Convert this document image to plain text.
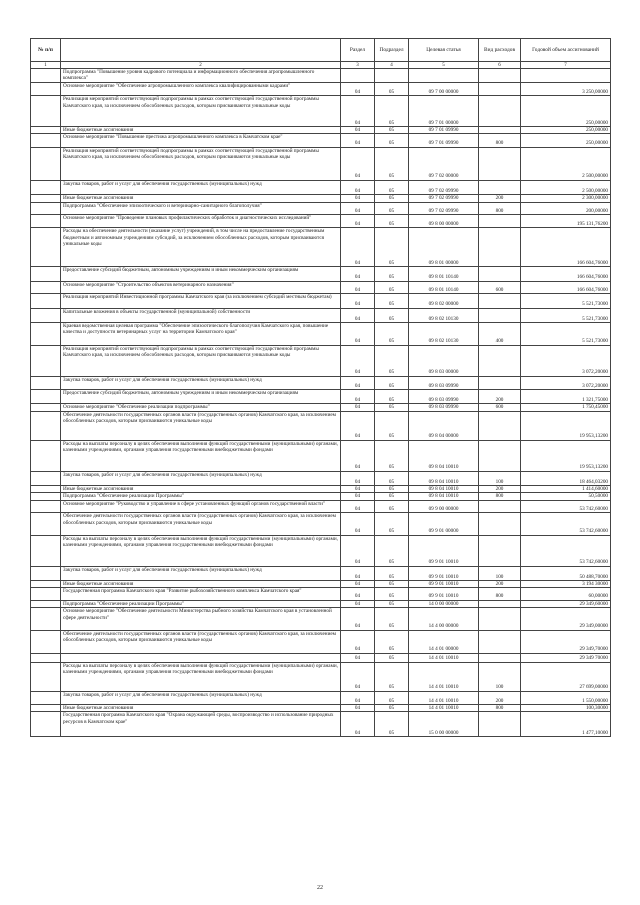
№ п/п		Раздел	Подраздел	Целевая статья	Вид расходов	Годовой объем ассигнований
1	2	3	4	5	6	7
	Подпрограмма "Повышение уровня кадрового потенциала и информационного обеспечения агропромышленного комплекса"					
	Основное мероприятие "Обеспечение агропромышленного комплекса квалифицированными кадрами"	04	05	09 7 00 00000		3 250,00000
	Реализация мероприятий соответствующей подпрограммы в рамках соответствующей государственной программы Камчатского края, за исключением обособленных расходов, которым присваиваются уникальные коды	04	05	09 7 01 00000		250,00000
	Иные бюджетные ассигнования	04	05	09 7 01 09990		250,00000
	Основное мероприятие "Повышение престижа агропромышленного комплекса в Камчатском крае"	04	05	09 7 01 09990	800	250,00000
	Реализация мероприятий соответствующей подпрограммы в рамках соответствующей государственной программы Камчатского края, за исключением обособленных расходов, которым присваиваются уникальные коды	04	05	09 7 02 00000		2 500,00000
	Закупка товаров, работ и услуг для обеспечения государственных (муниципальных) нужд	04	05	09 7 02 09990		2 500,00000
	Иные бюджетные ассигнования	04	05	09 7 02 09990	200	2 300,00000
	Подпрограмма "Обеспечение эпизоотического и ветеринарно-санитарного благополучия"	04	05	09 7 02 09990	800	200,00000
	Основное мероприятие "Проведение плановых профилактических обработок и диагностических исследований"	04	05	09 8 00 00000		195 131,76200
	Расходы на обеспечение деятельности (оказание услуг) учреждений, в том числе на предоставление государственным бюджетным и автономным учреждениям субсидий, за исключением обособленных расходов, которым присваиваются уникальные коды	04	05	09 8 01 00000		166 604,76000
	Предоставление субсидий бюджетным, автономным учреждениям и иным некоммерческим организациям	04	05	09 8 01 10140		166 604,76000
	Основное мероприятие "Строительство объектов ветеринарного назначения"	04	05	09 8 01 10140	600	166 604,76000
	Реализация мероприятий Инвестиционной программы Камчатского края (за исключением субсидий местным бюджетам)	04	05	09 8 02 00000		5 521,73000
	Капитальные вложения в объекты государственной (муниципальной) собственности	04	05	09 8 02 10130		5 521,73000
	Краевая ведомственная целевая программа "Обеспечение эпизоотического благополучия Камчатского края, повышение качества и доступности ветеринарных услуг на территории Камчатского края"	04	05	09 8 02 10130	400	5 521,73000
	Реализация мероприятий соответствующей подпрограммы в рамках соответствующей государственной программы Камчатского края, за исключением обособленных расходов, которым присваиваются уникальные коды	04	05	09 8 03 00000		3 072,20000
	Закупка товаров, работ и услуг для обеспечения государственных (муниципальных) нужд	04	05	09 8 03 09990		3 072,20000
	Предоставление субсидий бюджетным, автономным учреждениям и иным некоммерческим организациям	04	05	09 8 03 09990	200	1 321,75000
	Основное мероприятие "Обеспечение реализации подпрограммы"	04	05	09 8 03 09990	600	1 750,45000
	Обеспечение деятельности государственных органов власти (государственных органов) Камчатского края, за исключением обособленных расходов, которым присваиваются уникальные коды	04	05	09 8 04 00000		19 953,13200
	Расходы на выплаты персоналу в целях обеспечения выполнения функций государственными (муниципальными) органами, казенными учреждениями, органами управления государственными внебюджетными фондами	04	05	09 8 04 10010		19 953,13200
	Закупка товаров, работ и услуг для обеспечения государственных (муниципальных) нужд	04	05	09 8 04 10010	100	18 464,03200
	Иные бюджетные ассигнования	04	05	09 8 04 10010	200	1 414,60000
	Подпрограмма "Обеспечение реализации Программы"	04	05	09 8 04 10010	800	50,50000
	Основное мероприятие "Руководство и управление в сфере установленных функций органов государственной власти"	04	05	09 9 00 00000		53 742,60000
	Обеспечение деятельности государственных органов власти (государственных органов) Камчатского края, за исключением обособленных расходов, которым присваиваются уникальные коды	04	05	09 9 01 00000		53 742,60000
	Расходы на выплаты персоналу в целях обеспечения выполнения функций государственными (муниципальными) органами, казенными учреждениями, органами управления государственными внебюджетными фондами	04	05	09 9 01 10010		53 742,60000
	Закупка товаров, работ и услуг для обеспечения государственных (муниципальных) нужд	04	05	09 9 01 10010	100	50 488,70000
	Иные бюджетные ассигнования	04	05	09 9 01 10010	200	3 194 30000
	Государственная программа Камчатского края "Развитие рыбохозяйственного комплекса Камчатского края"	04	05	09 9 01 10010	800	60,00000
	Подпрограмма "Обеспечение реализации Программы"	04	05	14 0 00 00000		29 349,60000
	Основное мероприятие "Обеспечение деятельности Министерства рыбного хозяйства Камчатского края в установленной сфере деятельности"	04	05	14 4 00 00000		29 349,00000
	Обеспечение деятельности государственных органов власти (государственных органов) Камчатского края, за исключением обособленных расходов, которым присваиваются уникальные коды	04	05	14 4 01 00000		29 349,70000
		04	05	14 4 01 10010		29 349 70000
	Расходы на выплаты персоналу в целях обеспечения выполнения функций государственными (муниципальными) органами, казенными учреждениями, органами управления государственными внебюджетными фондами	04	05	14 4 01 10010	100	27 699,00000
	Закупка товаров, работ и услуг для обеспечения государственных (муниципальных) нужд	04	05	14 4 01 10010	200	1 550,00000
	Иные бюджетные ассигнования	04	05	14 4 01 10010	800	100,30000
	Государственная программа Камчатского края "Охрана окружающей среды, воспроизводство и использование природных ресурсов в Камчатском крае"	04	05	15 0 00 00000		1 477,10000
22
